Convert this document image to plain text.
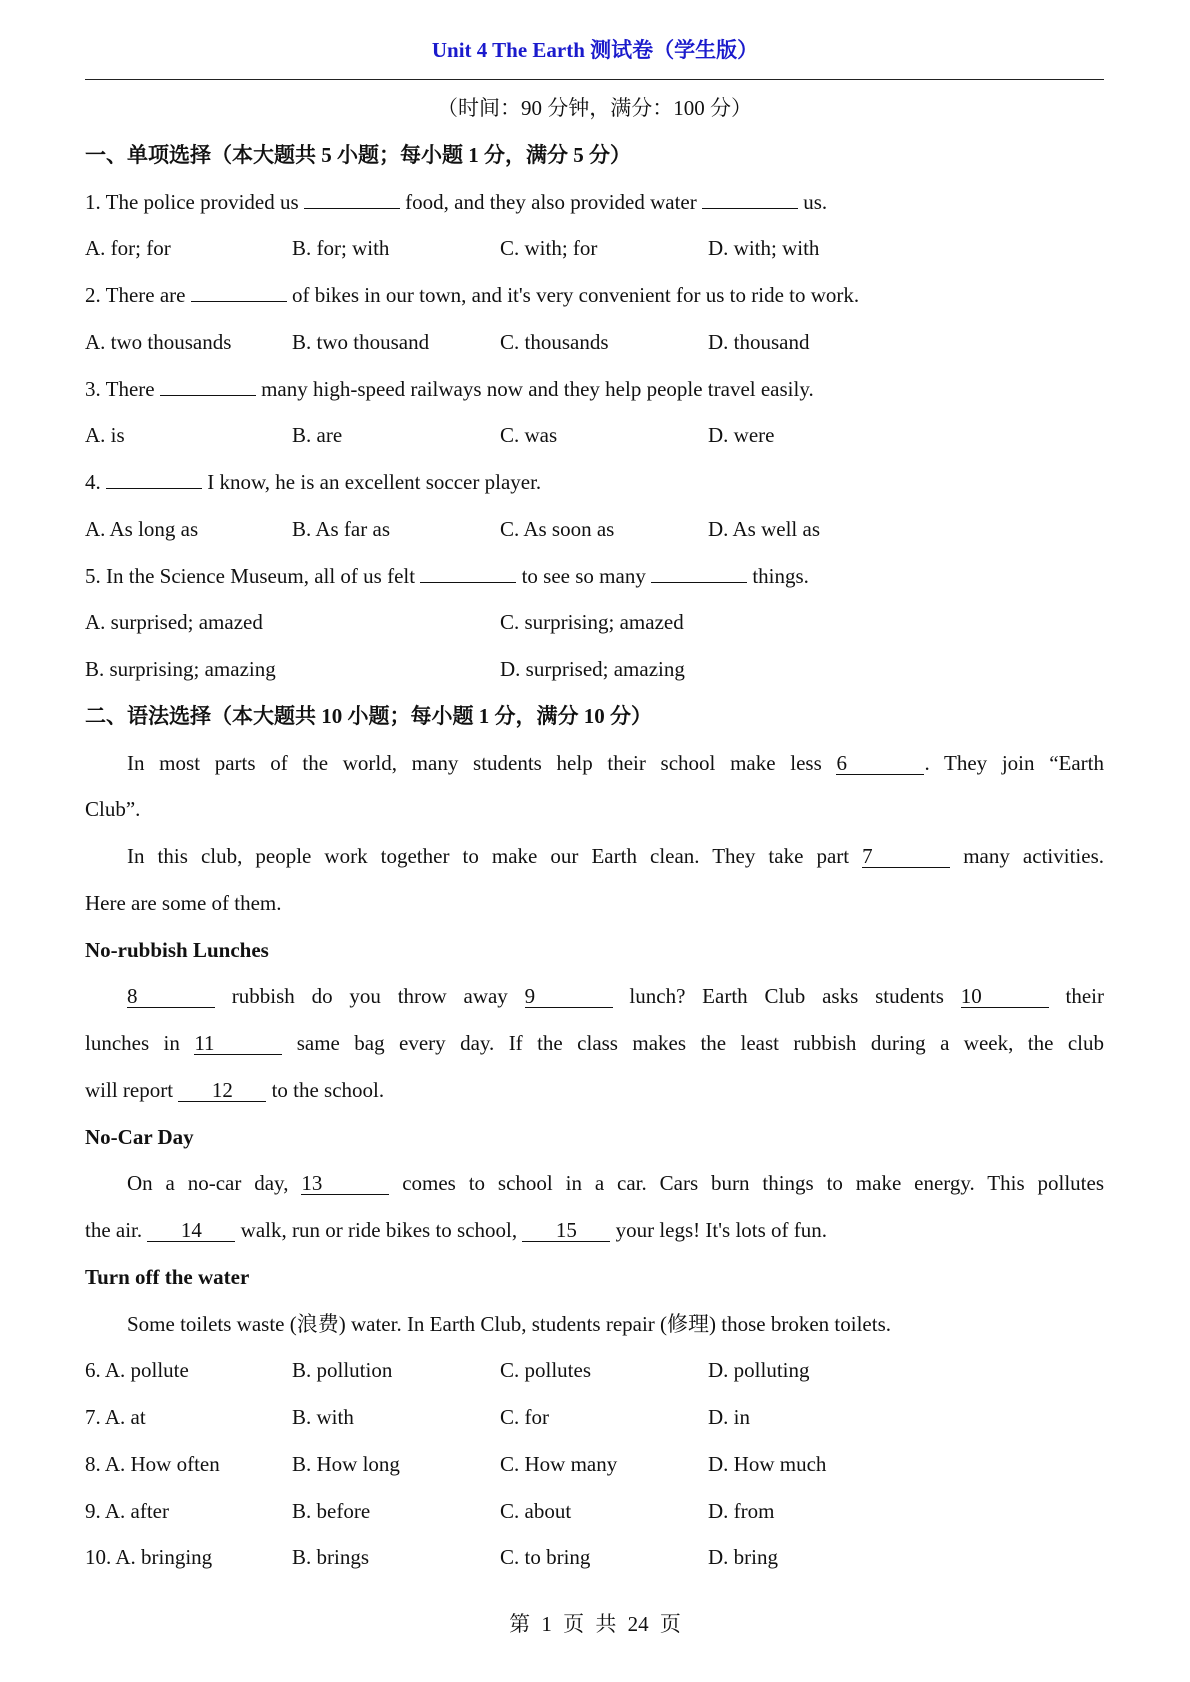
Unit 4 The Earth 测试卷（学生版）
（时间：90 分钟，满分：100 分）
一、单项选择（本大题共 5 小题；每小题 1 分，满分 5 分）
1. The police provided us	food, and they also provided water	us.
A. for; for	B. for; with	C. with; for	D. with; with
2. There are	of bikes in our town, and it's very convenient for us to ride to work.
A. two thousands	B. two thousand	C. thousands	D. thousand
3. There	many high-speed railways now and they help people travel easily.
A. is	B. are	C. was	D. were
4.	I know, he is an excellent soccer player.
A. As long as	B. As far as	C. As soon as	D. As well as
5. In the Science Museum, all of us felt	to see so many	things.
A. surprised; amazed	C. surprising; amazed
B. surprising; amazing	D. surprised; amazing
二、语法选择（本大题共 10 小题；每小题 1 分，满分 10 分）
In most parts of the world, many students help their school make less 6	. They join “Earth
Club”.
In this club, people work together to make our Earth clean. They take part 7	many activities.
Here are some of them.
No-rubbish Lunches
8	rubbish do you throw away 9	lunch? Earth Club asks students 10	their
lunches in 11	same bag every day. If the class makes the least rubbish during a week, the club
will report 12 to the school.
No-Car Day
On a no-car day, 13	comes to school in a car. Cars burn things to make energy. This pollutes
the air. 14 walk, run or ride bikes to school, 15 your legs! It's lots of fun.
Turn off the water
Some toilets waste (浪费) water. In Earth Club, students repair (修理) those broken toilets.
6. A. pollute	B. pollution	C. pollutes	D. polluting
7. A. at	B. with	C. for	D. in
8. A. How often	B. How long	C. How many	D. How much
9. A. after	B. before	C. about	D. from
10. A. bringing	B. brings	C. to bring	D. bring
第 1 页 共 24 页
